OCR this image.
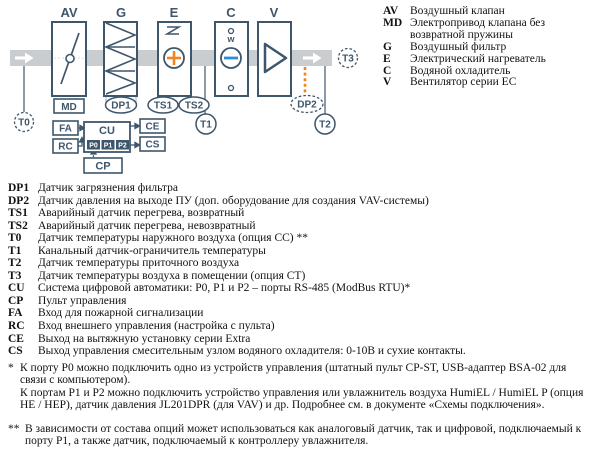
AV
MD
G
DP1
E
TS1 TS2
w
C	V
DP2
T0	T1	T2
T3
FA
RC
CE
CS
CU
P0 P1 P2
CP
AV	Воздушный клапан
MD Электропривод клапана без возвратной пружины
G	Воздушный фильтр
E	Электрический нагреватель
C	Водяной охладитель
V	Вентилятор серии EC
DP1 Датчик загрязнения фильтра
DP2 Датчик давления на выходе ПУ (доп. оборудование для создания VAV-системы)
TS1 Аварийный датчик перегрева, возвратный
TS2 Аварийный датчик перегрева, невозвратный
T0	Датчик температуры наружного воздуха (опция СС) **
T1	Канальный датчик-ограничитель температуры
T2	Датчик температуры приточного воздуха
T3	Датчик температуры воздуха в помещении (опция СТ)
CU	Система цифровой автоматики: P0, P1 и P2 – порты RS-485 (ModBus RTU)*
CP	Пульт управления
FA	Вход для пожарной сигнализации
RC	Вход внешнего управления (настройка с пульта)
CE	Выход на вытяжную установку серии Extra
CS	Выход управления смесительным узлом водяного охладителя: 0-10В и сухие контакты.
* К порту P0 можно подключить одно из устройств управления (штатный пульт CP-ST, USB-адаптер BSA-02 для связи с компьютером).

К портам P1 и P2 можно подключить устройство управления или увлажнитель воздуха HumiEL / HumiEL P (опция HE / HEP), датчик давления JL201DPR (для VAV) и др. Подробнее см. в документе «Схемы подключения».

** В зависимости от состава опций может использоваться как аналоговый датчик, так и цифровой, подключаемый к порту P1, а также датчик, подключаемый к контроллеру увлажнителя.
